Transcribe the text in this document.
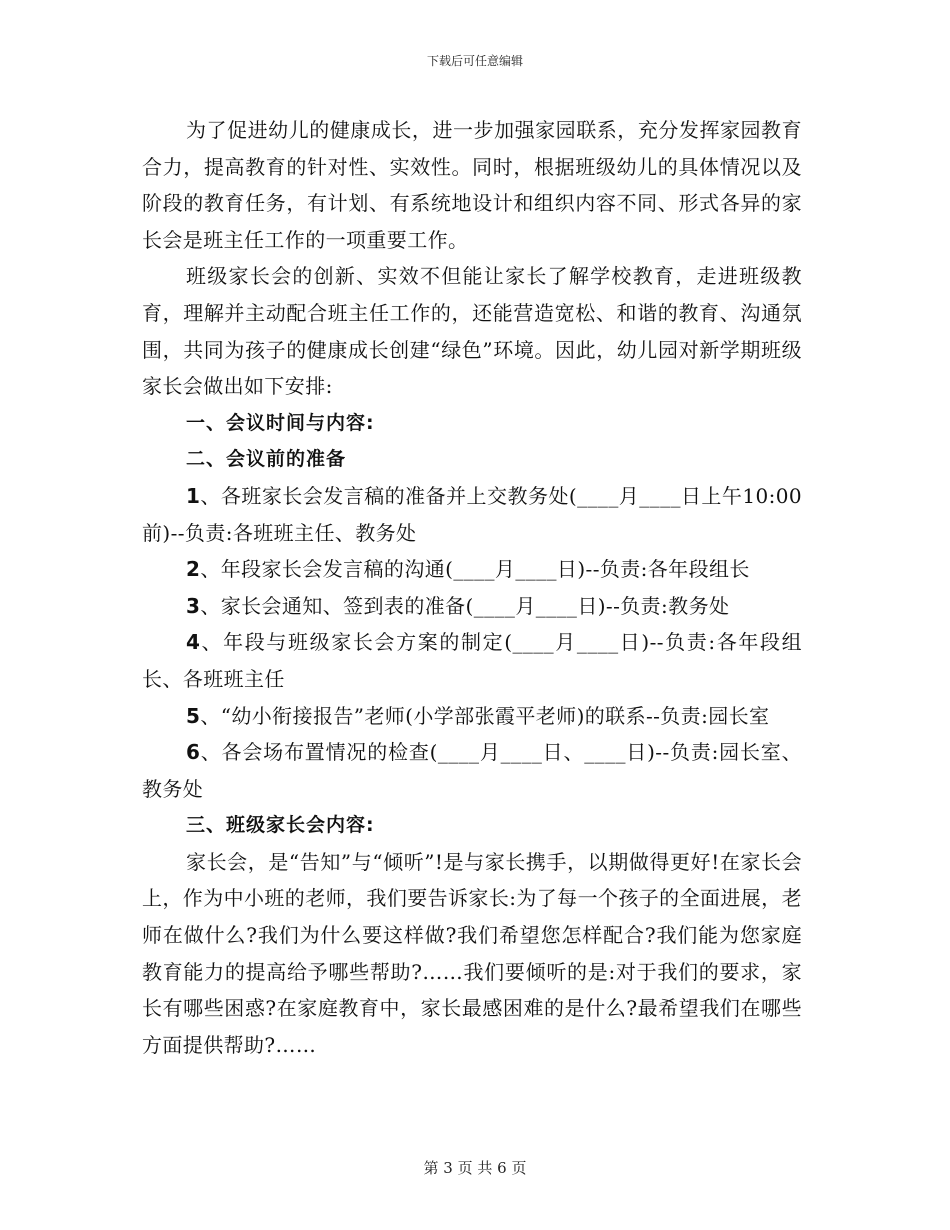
下载后可任意编辑

为了促进幼儿的健康成长，进一步加强家园联系，充分发挥家园教育合力，提高教育的针对性、实效性。同时，根据班级幼儿的具体情况以及阶段的教育任务，有计划、有系统地设计和组织内容不同、形式各异的家长会是班主任工作的一项重要工作。

班级家长会的创新、实效不但能让家长了解学校教育，走进班级教育，理解并主动配合班主任工作的，还能营造宽松、和谐的教育、沟通氛围，共同为孩子的健康成长创建“绿色”环境。因此，幼儿园对新学期班级家长会做出如下安排:

一、会议时间与内容:

二、会议前的准备

1、各班家长会发言稿的准备并上交教务处(____月____日上午10:00前)--负责:各班班主任、教务处

2、年段家长会发言稿的沟通(____月____日)--负责:各年段组长

3、家长会通知、签到表的准备(____月____日)--负责:教务处

4、年段与班级家长会方案的制定(____月____日)--负责:各年段组长、各班班主任

5、“幼小衔接报告”老师(小学部张霞平老师)的联系--负责:园长室

6、各会场布置情况的检查(____月____日、____日)--负责:园长室、教务处

三、班级家长会内容:

家长会，是“告知”与“倾听”!是与家长携手，以期做得更好!在家长会上，作为中小班的老师，我们要告诉家长:为了每一个孩子的全面进展，老师在做什么?我们为什么要这样做?我们希望您怎样配合?我们能为您家庭教育能力的提高给予哪些帮助?……我们要倾听的是:对于我们的要求，家长有哪些困惑?在家庭教育中，家长最感困难的是什么?最希望我们在哪些方面提供帮助?……

第 3 页 共 6 页
